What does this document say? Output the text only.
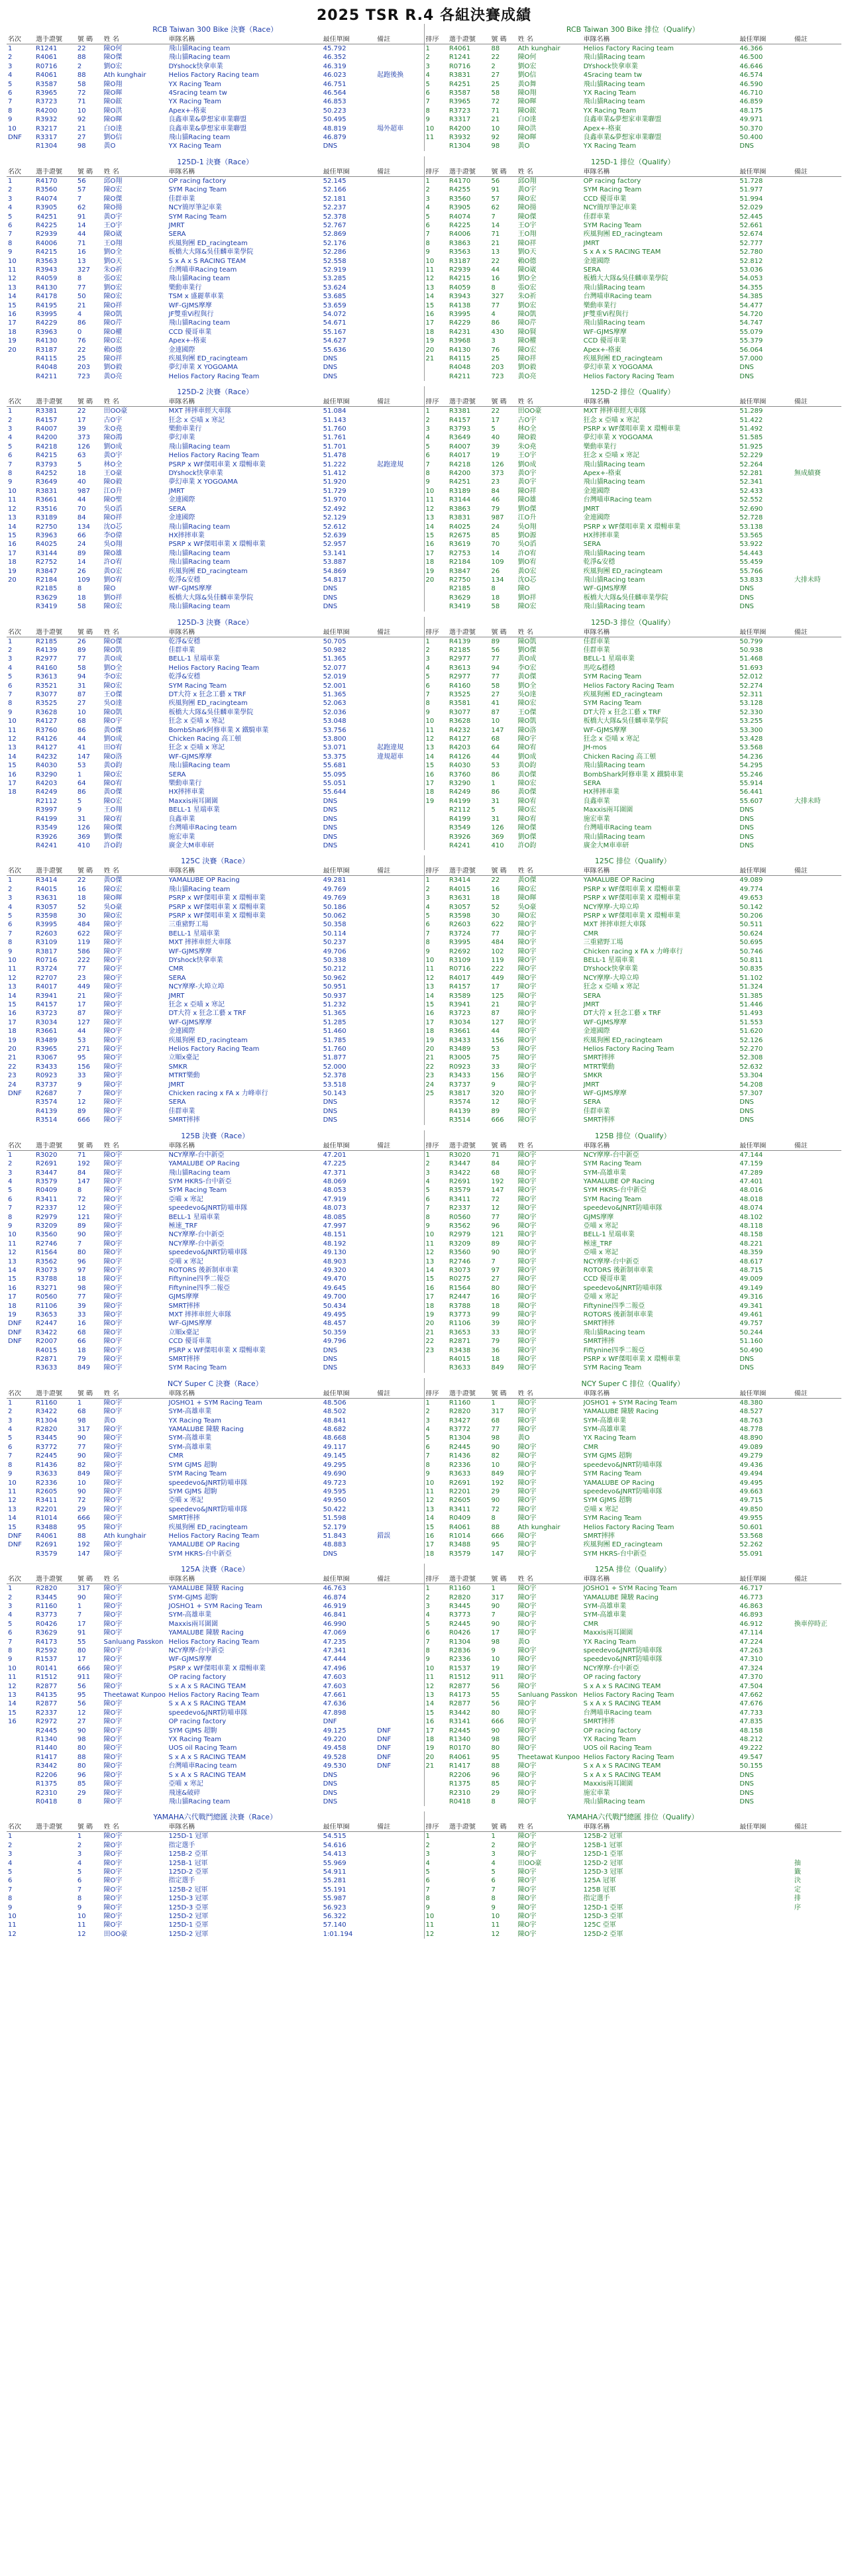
2025 TSR R.4 各組決賽成績
RCB Taiwan 300 Bike 決賽（Race）
名次	選手證號	號 碼	姓 名	車隊名稱	最佳單圈	備註
1	R1241	22	陳O何	飛山貓Racing team	45.792	
2	R4061	88	陳O傑	飛山貓Racing team	46.352	
3	R0716	2	劉O宏	DYshock快拿車業	46.319	
4	R4061	88	Ath kunghair	Helios Factory Racing team	46.023	起跑後換
5	R3587	58	陳O翔	YX Racing Team	46.751	
6	R3965	72	陳O暉	4Sracing team tw	46.564	
7	R3723	71	陳O鋐	YX Racing Team	46.853	
8	R4200	10	陳O洪	Apex+-格東	50.223	
9	R3932	92	陳O暉	良鑫車業&夢想家車業聯盟	50.495	
10	R3217	21	白O達	良鑫車業&夢想家車業聯盟	48.819	場外超車
DNF	R3317	27	劉O信	飛山貓Racing team	46.879	
	R1304	98	黃O	YX Racing Team	DNS	
RCB Taiwan 300 Bike 排位（Qualify）
排序	選手證號	號 碼	姓 名	車隊名稱	最佳單圈	備註
1	R4061	88	Ath kunghair	Helios Factory Racing team	46.366	
2	R1241	22	陳O何	飛山貓Racing team	46.500	
3	R0716	2	劉O宏	DYshock快拿車業	46.646	
4	R3831	27	劉O信	4Sracing team tw	46.574	
5	R4251	25	黃O舞	飛山貓Racing team	46.590	
6	R3587	58	陳O翔	YX Racing Team	46.710	
7	R3965	72	陳O暉	飛山貓Racing team	46.859	
8	R3723	71	陳O鋐	YX Racing Team	48.175	
9	R3317	21	白O達	良鑫車業&夢想家車業聯盟	49.971	
10	R4200	10	陳O洪	Apex+-格東	50.370	
11	R3932	92	陳O暉	良鑫車業&夢想家車業聯盟	50.400	
	R1304	98	黃O	YX Racing Team	DNS	
125D-1 決賽（Race）
名次	選手證號	號 碼	姓 名	車隊名稱	最佳單圈	備註
1	R4170	56	邱O翔	OP racing factory	52.145	
2	R3560	57	陳O宏	SYM Racing Team	52.166	
3	R4074	7	陳O傑	佳群車業	52.181	
4	R3905	62	陳O揚	NCY簡厚筆記車業	52.237	
5	R4251	91	黃O宇	SYM Racing Team	52.378	
6	R4225	14	王O宇	JMRT	52.767	
7	R2939	44	陳O崴	SERA	52.869	
8	R4006	71	王O翔	疾風狗團 ED_racingteam	52.176	
9	R4215	16	劉O全	板橋大大隊&吳佳麟車業學院	52.286	
10	R3563	13	劉O天	S x A x S RACING TEAM	52.558	
11	R3943	327	朱O祈	台灣喵車Racing team	52.919	
12	R4059	8	張O宏	飛山貓Racing team	53.285	
13	R4130	77	劉O宏	樂動車業行	53.624	
14	R4178	50	陳O宏	TSM x 盛麗華車業	53.685	
15	R4195	21	陳O祥	WF-GJMS摩摩	53.659	
16	R3995	4	陳O凱	JF雙重Vi程與行	54.072	
17	R4229	86	陳O芹	飛山貓Racing team	54.671	
18	R3963	0	陳O權	CCD 優哥車業	55.167	
19	R4130	76	陳O宏	Apex+-格東	54.627	
20	R3187	22	賴O德	金連國際	55.636	
	R4115	25	陳O祥	疾風狗團 ED_racingteam	DNS	
	R4048	203	劉O毅	夢幻車業 X YOGOAMA	DNS	
	R4211	723	黃O亮	Helios Factory Racing Team	DNS	
125D-1 排位（Qualify）
排序	選手證號	號 碼	姓 名	車隊名稱	最佳單圈	備註
1	R4170	56	邱O翔	OP racing factory	51.728	
2	R4255	91	黃O宇	SYM Racing Team	51.977	
3	R3560	57	陳O宏	CCD 優哥車業	51.994	
4	R3905	62	陳O揚	NCY簡厚筆記車業	52.029	
5	R4074	7	陳O傑	佳群車業	52.445	
6	R4225	14	王O宇	SYM Racing Team	52.661	
7	R4006	71	王O翔	疾風狗團 ED_racingteam	52.674	
8	R3863	21	陳O祥	JMRT	52.777	
9	R3563	13	劉O天	S x A x S RACING TEAM	52.780	
10	R3187	22	賴O德	金連國際	52.812	
11	R2939	44	陳O崴	SERA	53.036	
12	R4215	16	劉O全	板橋大大隊&吳佳麟車業學院	54.053	
13	R4059	8	張O宏	飛山貓Racing team	54.355	
14	R3943	327	朱O祈	台灣喵車Racing team	54.385	
15	R4138	77	劉O宏	樂動車業行	54.477	
16	R3995	4	陳O凱	JF雙重Vi程與行	54.720	
17	R4229	86	陳O芹	飛山貓Racing team	54.747	
18	R4231	430	陳O賢	WF-GJMS摩摩	55.079	
19	R3968	3	陳O權	CCD 優哥車業	55.379	
20	R4130	76	陳O宏	Apex+-格東	56.064	
21	R4115	25	陳O祥	疾風狗團 ED_racingteam	57.000	
	R4048	203	劉O毅	夢幻車業 X YOGOAMA	DNS	
	R4211	723	黃O亮	Helios Factory Racing Team	DNS	
125D-2 決賽（Race）
名次	選手證號	號 碼	姓 名	車隊名稱	最佳單圈	備註
1	R3381	22	田OO豪	MXT 摔摔車經大車隊	51.084	
2	R4157	17	古O宇	狂念 x 亞喵 x 寒記	51.143	
3	R4007	39	朱O堯	樂動車業行	51.760	
4	R4200	373	陳O鴻	夢幻車業	51.761	
5	R4218	126	劉O成	飛山貓Racing team	51.701	
6	R4215	63	黃O宇	Helios Factory Racing Team	51.478	
7	R3793	5	林O全	PSRP x WF傑唱車業 X 環暢車業	51.222	起跑違規
8	R4252	18	王O豪	DYshock快拿車業	51.412	
9	R3649	40	陳O毅	夢幻車業 X YOGOAMA	51.920	
10	R3831	987	江O升	JMRT	51.729	
11	R3661	44	陳O聖	金連國際	51.970	
12	R3516	70	吳O滔	SERA	52.492	
13	R3189	84	陳O祥	金連國際	52.129	
14	R2750	134	沈O芯	飛山貓Racing team	52.612	
15	R3963	66	李O偉	HX摔摔車業	52.639	
16	R4025	24	吳O翔	PSRP x WF傑唱車業 X 環暢車業	52.957	
17	R3144	89	陳O雄	飛山貓Racing team	53.141	
18	R2752	14	許O宥	飛山貓Racing team	53.887	
19	R3847	26	黃O宏	疾風狗團 ED_racingteam	54.869	
20	R2184	109	劉O宥	乾淨&安穩	54.817	
	R2185	8	陳O	WF-GJMS摩摩	DNS	
	R3629	18	劉O祥	板橋大大隊&吳佳麟車業學院	DNS	
	R3419	58	陳O宏	飛山貓Racing team	DNS	
125D-2 排位（Qualify）
排序	選手證號	號 碼	姓 名	車隊名稱	最佳單圈	備註
1	R3381	22	田OO豪	MXT 摔摔車經大車隊	51.289	
2	R4157	17	古O宇	狂念 x 亞喵 x 寒記	51.422	
3	R3793	5	林O全	PSRP x WF傑唱車業 X 環暢車業	51.492	
4	R3649	40	陳O毅	夢幻車業 X YOGOAMA	51.585	
5	R4007	39	朱O堯	樂動車業行	51.925	
6	R4017	19	王O宇	狂念 x 亞喵 x 寒記	52.229	
7	R4218	126	劉O成	飛山貓Racing team	52.264	
8	R4200	373	黃O宇	Apex+-格東	52.281	無成績賽
9	R4251	23	黃O宇	飛山貓Racing team	52.341	
10	R3189	84	陳O祥	金連國際	52.433	
11	R3144	46	陳O雄	台灣喵車Racing team	52.552	
12	R3863	79	劉O傑	JMRT	52.690	
13	R3831	987	江O升	金連國際	52.728	
14	R4025	24	吳O翔	PSRP x WF傑唱車業 X 環暢車業	53.138	
15	R2675	85	劉O源	HX摔摔車業	53.565	
16	R3619	70	吳O滔	SERA	53.922	
17	R2753	14	許O宥	飛山貓Racing team	54.443	
18	R2184	109	劉O宥	乾淨&安穩	55.459	
19	R3847	26	黃O宏	疾風狗團 ED_racingteam	55.766	
20	R2750	134	沈O芯	飛山貓Racing team	53.833	大排未時
	R2185	8	陳O	WF-GJMS摩摩	DNS	
	R3629	18	劉O祥	板橋大大隊&吳佳麟車業學院	DNS	
	R3419	58	陳O宏	飛山貓Racing team	DNS	
125D-3 決賽（Race）
名次	選手證號	號 碼	姓 名	車隊名稱	最佳單圈	備註
1	R2185	26	陳O傑	乾淨&安穩	50.705	
2	R4139	89	陳O凱	佳群車業	50.982	
3	R2977	77	黃O成	BELL-1 星端車業	51.365	
4	R4160	58	劉O全	Helios Factory Racing Team	52.077	
5	R3613	94	李O宏	乾淨&安穩	52.019	
6	R3521	31	陳O宏	SYM Racing Team	52.001	
7	R3077	87	王O傑	DT大符 x 狂念工藝 x TRF	51.365	
8	R3525	27	吳O達	疾風狗團 ED_racingteam	52.063	
9	R3628	10	陳O凱	板橋大大隊&吳佳麟車業學院	52.036	
10	R4127	68	陳O宇	狂念 x 亞喵 x 寒記	53.048	
11	R3760	86	黃O傑	BombShark阿修車業 X 鐵騎車業	53.756	
12	R4126	44	劉O成	Chicken Racing 高工頓	53.800	
13	R4127	41	田O宥	狂念 x 亞喵 x 寒記	53.071	起跑違規
14	R4232	147	陳O洛	WF-GJMS摩摩	53.375	違規超車
15	R4030	53	黃O鈞	飛山貓Racing team	55.681	
16	R3290	1	陳O宏	SERA	55.095	
17	R4203	64	陳O宥	樂動車業行	55.051	
18	R4249	86	黃O傑	HX摔摔車業	55.644	
	R2112	5	陳O宏	Maxxis兩耳圍圍	DNS	
	R3997	9	王O翔	BELL-1 星端車業	DNS	
	R4199	31	陳O宥	良鑫車業	DNS	
	R3549	126	陳O傑	台灣喵車Racing team	DNS	
	R3926	369	劉O傑	施宏車業	DNS	
	R4241	410	許O鈞	廣金大M車車研	DNS	
125D-3 排位（Qualify）
排序	選手證號	號 碼	姓 名	車隊名稱	最佳單圈	備註
1	R4139	89	陳O凱	佳群車業	50.799	
2	R2185	56	劉O傑	佳群車業	50.938	
3	R2977	77	黃O成	BELL-1 星端車業	51.468	
4	R3613	94	李O宏	馬吃&穩穩	51.693	
5	R2977	77	黃O傑	SYM Racing Team	52.012	
6	R4160	58	劉O全	Helios Factory Racing Team	52.274	
7	R3525	27	吳O達	疾風狗團 ED_racingteam	52.311	
8	R3581	41	陳O宏	SYM Racing Team	53.128	
9	R3077	87	王O傑	DT大符 x 狂念工藝 x TRF	52.330	
10	R3628	10	陳O凱	板橋大大隊&吳佳麟車業學院	53.255	
11	R4232	147	陳O洛	WF-GJMS摩摩	53.300	
12	R4127	68	陳O宇	狂念 x 亞喵 x 寒記	53.428	
13	R4203	64	陳O宥	JH-mos	53.568	
14	R4126	44	劉O成	Chicken Racing 高工頓	54.236	
15	R4030	53	黃O鈞	飛山貓Racing team	54.295	
16	R3760	86	黃O傑	BombShark阿修車業 X 鐵騎車業	55.246	
17	R3290	1	陳O宏	SERA	55.914	
18	R4249	86	黃O傑	HX摔摔車業	56.441	
19	R4199	31	陳O宥	良鑫車業	55.607	大排未時
	R2112	5	陳O宏	Maxxis兩耳圍圍	DNS	
	R4199	31	陳O宥	施宏車業	DNS	
	R3549	126	陳O傑	台灣喵車Racing team	DNS	
	R3926	369	劉O傑	飛山貓Racing team	DNS	
	R4241	410	許O鈞	廣金大M車車研	DNS	
125C 決賽（Race）
名次	選手證號	號 碼	姓 名	車隊名稱	最佳單圈	備註
1	R3414	22	黃O傑	YAMALUBE OP Racing	49.281	
2	R4015	16	陳O宏	飛山貓Racing team	49.769	
3	R3631	18	陳O暉	PSRP x WF傑唱車業 X 環暢車業	49.769	
4	R3057	52	吳O豪	PSRP x WF傑唱車業 X 環暢車業	50.186	
5	R3598	30	陳O宏	PSRP x WF傑唱車業 X 環暢車業	50.062	
6	R3995	484	陳O宇	三重豬野工場	50.358	
7	R2603	622	陳O宇	BELL-1 星端車業	50.114	
8	R3109	119	陳O宇	MXT 摔摔車經大車隊	50.237	
9	R3817	586	陳O宇	WF-GJMS摩摩	49.706	
10	R0716	222	陳O宇	DYshock快拿車業	50.338	
11	R3724	77	陳O宇	CMR	50.212	
12	R2707	23	陳O宇	SERA	50.962	
13	R4017	449	陳O宇	NCY摩摩-大埠立埠	50.951	
14	R3941	21	陳O宇	JMRT	50.937	
15	R4157	17	陳O宇	狂念 x 亞喵 x 寒記	51.232	
16	R3723	87	陳O宇	DT大符 x 狂念工藝 x TRF	51.365	
17	R3034	127	陳O宇	WF-GJMS摩摩	51.285	
18	R3661	44	陳O宇	金連國際	51.460	
19	R3489	53	陳O宇	疾風狗團 ED_racingteam	51.785	
20	R3965	271	陳O宇	Helios Factory Racing Team	51.760	
21	R3067	95	陳O宇	立順x臺記	51.877	
22	R3433	156	陳O宇	SMKR	52.000	
23	R0923	33	陳O宇	MTRT樂動	52.378	
24	R3737	9	陳O宇	JMRT	53.518	
DNF	R2687	7	陳O宇	Chicken racing x FA x 力峰車行	50.143	
	R3574	12	陳O宇	SERA	DNS	
	R4139	89	陳O宇	佳群車業	DNS	
	R3514	666	陳O宇	SMRT摔摔	DNS	
125C 排位（Qualify）
排序	選手證號	號 碼	姓 名	車隊名稱	最佳單圈	備註
1	R3414	22	黃O傑	YAMALUBE OP Racing	49.089	
2	R4015	16	陳O宏	PSRP x WF傑唱車業 X 環暢車業	49.774	
3	R3631	18	陳O暉	PSRP x WF傑唱車業 X 環暢車業	49.653	
4	R3057	52	吳O豪	NCY摩摩-大埠立埠	50.142	
5	R3598	30	陳O宏	PSRP x WF傑唱車業 X 環暢車業	50.206	
6	R2603	622	陳O宇	MXT 摔摔車經大車隊	50.511	
7	R3724	77	陳O宇	CMR	50.624	
8	R3995	484	陳O宇	三重豬野工場	50.695	
9	R2692	102	陳O宇	Chicken racing x FA x 力峰車行	50.746	
10	R3109	119	陳O宇	BELL-1 星端車業	50.811	
11	R0716	222	陳O宇	DYshock快拿車業	50.835	
12	R4017	449	陳O宇	NCY摩摩-大埠立埠	51.102	
13	R4157	17	陳O宇	狂念 x 亞喵 x 寒記	51.324	
14	R3589	125	陳O宇	SERA	51.385	
15	R3941	21	陳O宇	JMRT	51.446	
16	R3723	87	陳O宇	DT大符 x 狂念工藝 x TRF	51.493	
17	R3034	127	陳O宇	WF-GJMS摩摩	51.553	
18	R3661	44	陳O宇	金連國際	51.620	
19	R3433	156	陳O宇	疾風狗團 ED_racingteam	52.126	
20	R3489	53	陳O宇	Helios Factory Racing Team	52.270	
21	R3005	75	陳O宇	SMRT摔摔	52.308	
22	R0923	33	陳O宇	MTRT樂動	52.632	
23	R3433	156	陳O宇	SMKR	53.304	
24	R3737	9	陳O宇	JMRT	54.208	
25	R3817	320	陳O宇	WF-GJMS摩摩	57.307	
	R3574	12	陳O宇	SERA	DNS	
	R4139	89	陳O宇	佳群車業	DNS	
	R3514	666	陳O宇	SMRT摔摔	DNS	
125B 決賽（Race）
名次	選手證號	號 碼	姓 名	車隊名稱	最佳單圈	備註
1	R3020	71	陳O宇	NCY摩摩-台中新亞	47.201	
2	R2691	192	陳O宇	YAMALUBE OP Racing	47.225	
3	R3447	84	陳O宇	飛山貓Racing team	47.371	
4	R3579	147	陳O宇	SYM HKRS-台中新亞	48.069	
5	R0409	8	陳O宇	SYM Racing Team	48.053	
6	R3411	72	陳O宇	亞喵 x 寒記	47.919	
7	R2337	12	陳O宇	speedevo&JNRT防喵車隊	48.073	
8	R2979	121	陳O宇	BELL-1 星端車業	48.085	
9	R3209	89	陳O宇	極速_TRF	47.997	
10	R3560	90	陳O宇	NCY摩摩-台中新亞	48.151	
11	R2746	7	陳O宇	NCY摩摩-台中新亞	48.192	
12	R1564	80	陳O宇	speedevo&JNRT防喵車隊	49.130	
13	R3562	96	陳O宇	亞喵 x 寒記	48.903	
14	R3073	97	陳O宇	ROTORS 後新制車車業	49.320	
15	R3788	18	陳O宇	Fiftynine四季二報亞	49.470	
16	R3271	98	陳O宇	Fiftynine四季二報亞	49.645	
17	R0560	77	陳O宇	GJMS摩摩	49.700	
18	R1106	39	陳O宇	SMRT摔摔	50.434	
19	R3653	33	陳O宇	MXT 摔摔車經大車隊	49.495	
DNF	R2447	16	陳O宇	WF-GJMS摩摩	48.457	
DNF	R3422	68	陳O宇	立順x臺記	50.359	
DNF	R2007	66	陳O宇	CCD 優哥車業	49.796	
	R4015	18	陳O宇	PSRP x WF傑唱車業 X 環暢車業	DNS	
	R2871	79	陳O宇	SMRT摔摔	DNS	
	R3633	849	陳O宇	SYM Racing Team	DNS	
125B 排位（Qualify）
排序	選手證號	號 碼	姓 名	車隊名稱	最佳單圈	備註
1	R3020	71	陳O宇	NCY摩摩-台中新亞	47.144	
2	R3447	84	陳O宇	SYM Racing Team	47.159	
3	R3422	68	陳O宇	SYM-高雄車業	47.289	
4	R2691	192	陳O宇	YAMALUBE OP Racing	47.401	
5	R3579	147	陳O宇	SYM HKRS-台中新亞	48.016	
6	R3411	72	陳O宇	SYM Racing Team	48.018	
7	R2337	12	陳O宇	speedevo&JNRT防喵車隊	48.074	
8	R0560	77	陳O宇	GJMS摩摩	48.102	
9	R3562	96	陳O宇	亞喵 x 寒記	48.118	
10	R2979	121	陳O宇	BELL-1 星端車業	48.158	
11	R3209	89	陳O宇	極速_TRF	48.221	
12	R3560	90	陳O宇	亞喵 x 寒記	48.359	
13	R2746	7	陳O宇	NCY摩摩-台中新亞	48.617	
14	R3073	97	陳O宇	ROTORS 後新制車車業	48.715	
15	R0275	27	陳O宇	CCD 優哥車業	49.009	
16	R1564	80	陳O宇	speedevo&JNRT防喵車隊	49.149	
17	R2447	16	陳O宇	亞喵 x 寒記	49.316	
18	R3788	18	陳O宇	Fiftynine四季二報亞	49.341	
19	R3773	99	陳O宇	ROTORS 後新制車車業	49.461	
20	R1106	39	陳O宇	SMRT摔摔	49.757	
21	R3653	33	陳O宇	飛山貓Racing team	50.244	
22	R2871	79	陳O宇	SMRT摔摔	51.160	
23	R3438	36	陳O宇	Fiftynine四季二報亞	50.490	
	R4015	18	陳O宇	PSRP x WF傑唱車業 X 環暢車業	DNS	
	R3633	849	陳O宇	SYM Racing Team	DNS	
NCY Super C 決賽（Race）
名次	選手證號	號 碼	姓 名	車隊名稱	最佳單圈	備註
1	R1160	1	陳O宇	JOSHO1 + SYM Racing Team	48.506	
2	R3422	68	陳O宇	SYM-高雄車業	48.502	
3	R1304	98	黃O	YX Racing Team	48.841	
4	R2820	317	陳O宇	YAMALUBE 陳駿 Racing	48.682	
5	R3445	90	陳O宇	SYM-高雄車業	48.668	
6	R3772	77	陳O宇	SYM-高雄車業	49.117	
7	R2445	90	陳O宇	CMR	49.145	
8	R1436	82	陳O宇	SYM GJMS 超駒	49.295	
9	R3633	849	陳O宇	SYM Racing Team	49.690	
10	R2336	10	陳O宇	speedevo&JNRT防喵車隊	49.723	
11	R2605	90	陳O宇	SYM GJMS 超駒	49.595	
12	R3411	72	陳O宇	亞喵 x 寒記	49.950	
13	R2201	29	陳O宇	speedevo&JNRT防喵車隊	50.422	
14	R1014	666	陳O宇	SMRT摔摔	51.598	
15	R3488	95	陳O宇	疾風狗團 ED_racingteam	52.179	
DNF	R4061	88	Ath kunghair	Helios Factory Racing Team	51.843	錯誤
DNF	R2691	192	陳O宇	YAMALUBE OP Racing	48.883	
	R3579	147	陳O宇	SYM HKRS-台中新亞	DNS	
NCY Super C 排位（Qualify）
排序	選手證號	號 碼	姓 名	車隊名稱	最佳單圈	備註
1	R1160	1	陳O宇	JOSHO1 + SYM Racing Team	48.380	
2	R2820	317	陳O宇	YAMALUBE 陳駿 Racing	48.527	
3	R3427	68	陳O宇	SYM-高雄車業	48.763	
4	R3772	77	陳O宇	SYM-高雄車業	48.778	
5	R1304	98	黃O	YX Racing Team	48.890	
6	R2445	90	陳O宇	CMR	49.089	
7	R1436	82	陳O宇	SYM GJMS 超駒	49.279	
8	R2336	10	陳O宇	speedevo&JNRT防喵車隊	49.436	
9	R3633	849	陳O宇	SYM Racing Team	49.494	
10	R2691	192	陳O宇	YAMALUBE OP Racing	49.495	
11	R2201	29	陳O宇	speedevo&JNRT防喵車隊	49.663	
12	R2605	90	陳O宇	SYM GJMS 超駒	49.715	
13	R3411	72	陳O宇	亞喵 x 寒記	49.850	
14	R0409	8	陳O宇	SYM Racing Team	49.955	
15	R4061	88	Ath kunghair	Helios Factory Racing Team	50.601	
16	R1014	666	陳O宇	SMRT摔摔	53.568	
17	R3488	95	陳O宇	疾風狗團 ED_racingteam	52.262	
18	R3579	147	陳O宇	SYM HKRS-台中新亞	55.091	
125A 決賽（Race）
名次	選手證號	號 碼	姓 名	車隊名稱	最佳單圈	備註
1	R2820	317	陳O宇	YAMALUBE 陳駿 Racing	46.763	
2	R3445	90	陳O宇	SYM-GJMS 超駒	46.874	
3	R1160	1	陳O宇	JOSHO1 + SYM Racing Team	46.919	
4	R3773	7	陳O宇	SYM-高雄車業	46.841	
5	R0426	17	陳O宇	Maxxis兩耳圍圍	46.990	
6	R3629	91	陳O宇	YAMALUBE 陳駿 Racing	47.069	
7	R4173	55	Sanluang Passkon	Helios Factory Racing Team	47.235	
8	R2592	80	陳O宇	NCY摩摩-台中新亞	47.341	
9	R1537	17	陳O宇	WF-GJMS摩摩	47.444	
10	R0141	666	陳O宇	PSRP x WF傑唱車業 X 環暢車業	47.496	
11	R1512	911	陳O宇	OP racing factory	47.603	
12	R2877	56	陳O宇	S x A x S RACING TEAM	47.603	
13	R4135	95	Theetawat Kunpoo	Helios Factory Racing Team	47.661	
14	R2877	56	陳O宇	S x A x S RACING TEAM	47.636	
15	R2337	12	陳O宇	speedevo&JNRT防喵車隊	47.898	
16	R2972	27	陳O宇	OP racing factory	DNF	
	R2445	90	陳O宇	SYM GJMS 超駒	49.125	DNF
	R1340	98	陳O宇	YX Racing Team	49.220	DNF
	R1440	80	陳O宇	UOS oil Racing Team	49.458	DNF
	R1417	88	陳O宇	S x A x S RACING TEAM	49.528	DNF
	R3442	80	陳O宇	台灣喵車Racing team	49.530	DNF
	R2206	96	陳O宇	S x A x S RACING TEAM	DNS	
	R1375	85	陳O宇	亞喵 x 寒記	DNS	
	R2310	29	陳O宇	飛速&破碎	DNS	
	R0418	8	陳O宇	飛山貓Racing team	DNS	
125A 排位（Qualify）
排序	選手證號	號 碼	姓 名	車隊名稱	最佳單圈	備註
1	R1160	1	陳O宇	JOSHO1 + SYM Racing Team	46.717	
2	R2820	317	陳O宇	YAMALUBE 陳駿 Racing	46.773	
3	R3445	90	陳O宇	SYM-高雄車業	46.863	
4	R3773	7	陳O宇	SYM-高雄車業	46.893	
5	R2445	90	陳O宇	CMR	46.912	換車停時正
6	R0426	17	陳O宇	Maxxis兩耳圍圍	47.114	
7	R1304	98	黃O	YX Racing Team	47.224	
8	R2836	9	陳O宇	speedevo&JNRT防喵車隊	47.263	
9	R2336	10	陳O宇	speedevo&JNRT防喵車隊	47.310	
10	R1537	19	陳O宇	NCY摩摩-台中新亞	47.324	
11	R1512	911	陳O宇	OP racing factory	47.370	
12	R2877	56	陳O宇	S x A x S RACING TEAM	47.504	
13	R4173	55	Sanluang Passkon	Helios Factory Racing Team	47.662	
14	R2877	56	陳O宇	S x A x S RACING TEAM	47.676	
15	R3442	80	陳O宇	台灣喵車Racing team	47.733	
16	R3141	666	陳O宇	SMRT摔摔	47.835	
17	R2445	90	陳O宇	OP racing factory	48.158	
18	R1340	98	陳O宇	YX Racing Team	48.212	
19	R0170	80	陳O宇	UOS oil Racing Team	49.222	
20	R4061	95	Theetawat Kunpoo	Helios Factory Racing Team	49.547	
21	R1417	88	陳O宇	S x A x S RACING TEAM	50.155	
	R2206	96	陳O宇	S x A x S RACING TEAM	DNS	
	R1375	85	陳O宇	Maxxis兩耳圍圍	DNS	
	R2310	29	陳O宇	施宏車業	DNS	
	R0418	8	陳O宇	飛山貓Racing team	DNS	
YAMAHA六代戰鬥總匯 決賽（Race）
名次	選手證號	號 碼	姓 名	車隊名稱	最佳單圈	備註
1		1	陳O宇	125D-1 冠軍	54.515	
2		2	陳O宇	指定選手	54.616	
3		3	陳O宇	125B-2 亞軍	54.413	
4		4	陳O宇	125B-1 冠軍	55.969	
5		5	陳O宇	125D-2 亞軍	54.911	
6		6	陳O宇	指定選手	55.281	
7		7	陳O宇	125B-2 冠軍	55.191	
8		8	陳O宇	125D-3 冠軍	55.987	
9		9	陳O宇	125D-3 亞軍	56.923	
10		10	陳O宇	125D-2 冠軍	56.322	
11		11	陳O宇	125D-1 亞軍	57.140	
12		12	田OO豪	125D-2 冠軍	1:01.194	
YAMAHA六代戰鬥總匯 排位（Qualify）
排序	選手證號	號 碼	姓 名	車隊名稱	最佳單圈	備註
1		1	陳O宇	125B-2 冠軍		
2		2	陳O宇	125B-1 冠軍		
3		3	陳O宇	125D-1 亞軍		
4		4	田OO豪	125D-2 冠軍		抽
5		5	陳O宇	125D-3 冠軍		籤
6		6	陳O宇	125A 冠軍		決
7		7	陳O宇	125B 冠軍		定
8		8	陳O宇	指定選手		排
9		9	陳O宇	125D-1 亞軍		序
10		10	陳O宇	125D-3 亞軍		
11		11	陳O宇	125C 亞軍		
12		12	陳O宇	125D-2 亞軍		
